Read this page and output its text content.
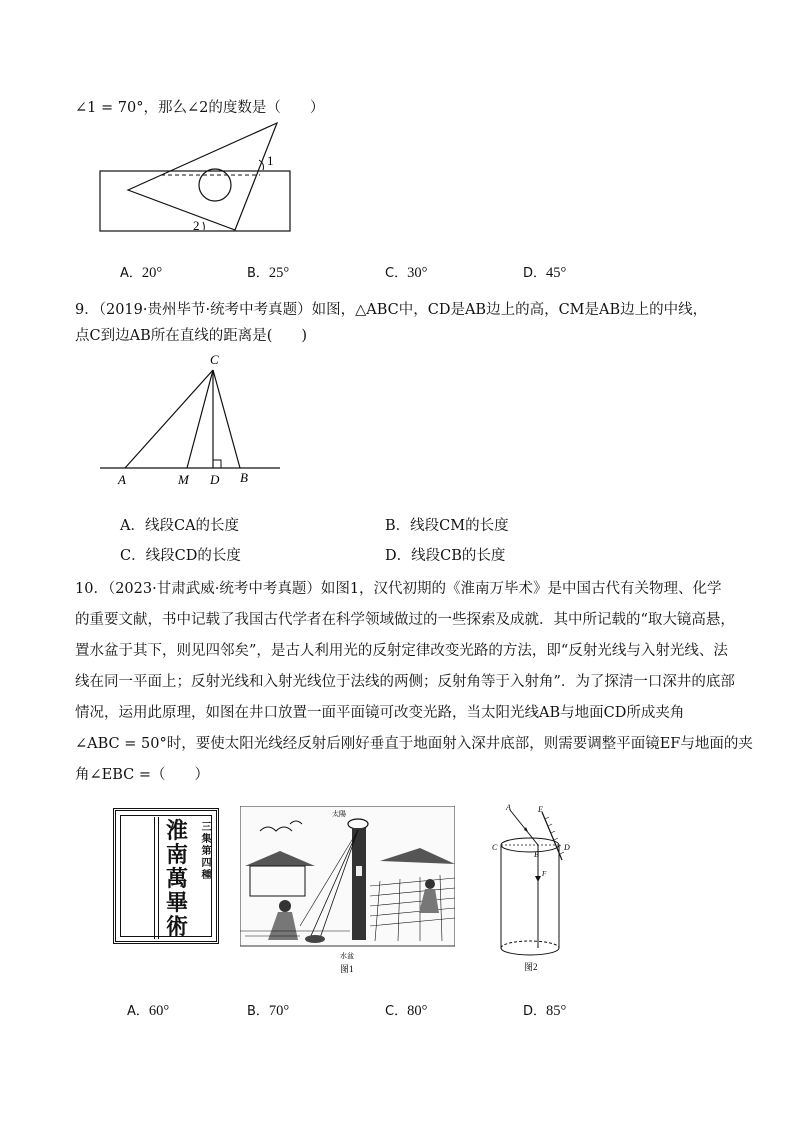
∠1 = 70°，那么∠2的度数是（　　）
1
2
A．20°	B．25°	C．30°	D．45°
9．（2019·贵州毕节·统考中考真题）如图，△ABC中，CD是AB边上的高，CM是AB边上的中线，
点C到边AB所在直线的距离是(　　)
C
A	M D B
A．线段CA的长度	B．线段CM的长度
C．线段CD的长度	D．线段CB的长度
10．（2023·甘肃武威·统考中考真题）如图1，汉代初期的《淮南万毕术》是中国古代有关物理、化学
的重要文献，书中记载了我国古代学者在科学领域做过的一些探索及成就．其中所记载的“取大镜高悬，
置水盆于其下，则见四邻矣”，是古人利用光的反射定律改变光路的方法，即“反射光线与入射光线、法
线在同一平面上；反射光线和入射光线位于法线的两侧；反射角等于入射角”．为了探清一口深井的底部
情况，运用此原理，如图在井口放置一面平面镜可改变光路，当太阳光线AB与地面CD所成夹角
∠ABC = 50°时，要使太阳光线经反射后刚好垂直于地面射入深井底部，则需要调整平面镜EF与地面的夹
角∠EBC =（　　）
三集第四種
淮
南
萬
畢
術
太陽
水盆
图1
A	E
C
B
D
F
图2
A．60°	B．70°	C．80°	D．85°
